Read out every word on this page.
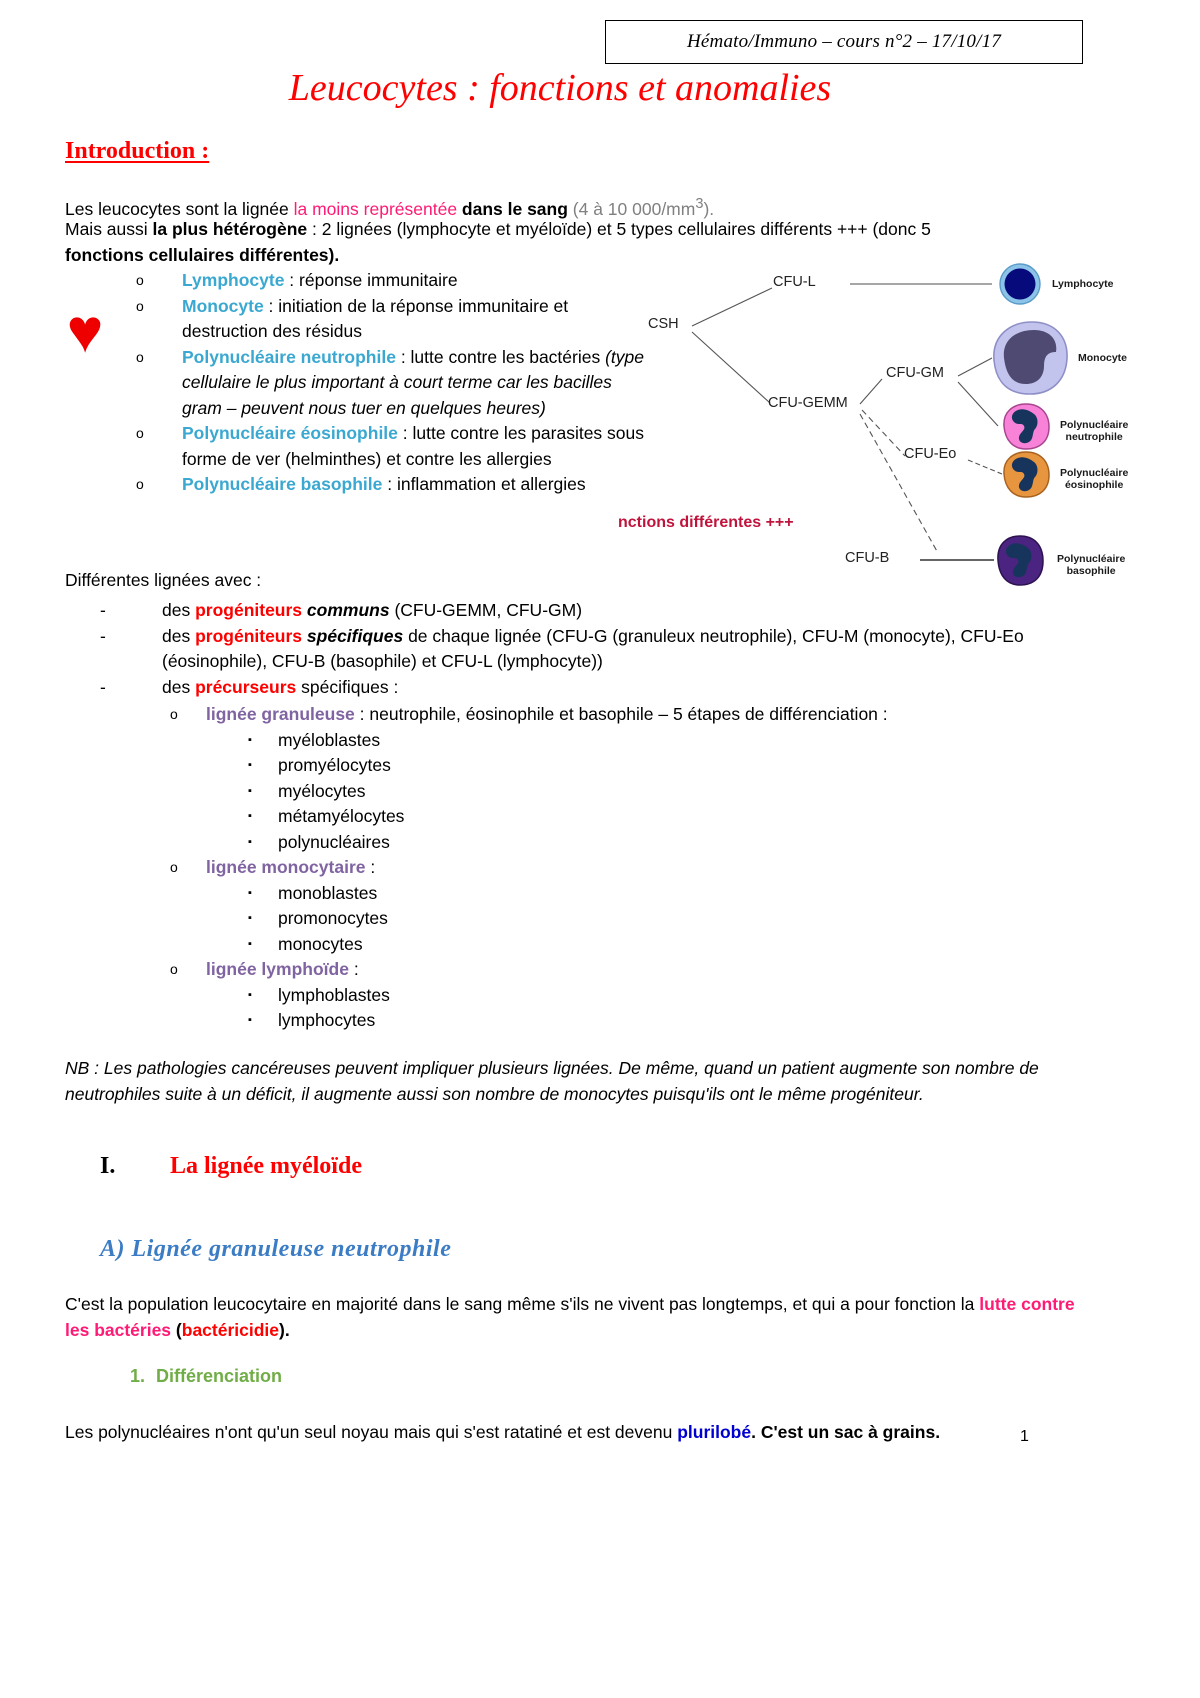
Hémato/Immuno – cours n°2 – 17/10/17
Leucocytes : fonctions et anomalies
Introduction :
Les leucocytes sont la lignée la moins représentée dans le sang (4 à 10 $000/mm^3$).
Mais aussi la plus hétérogène : 2 lignées (lymphocyte et myéloïde) et 5 types cellulaires différents +++ (donc 5 fonctions cellulaires différentes).
♥
o Lymphocyte : réponse immunitaire
o Monocyte : initiation de la réponse immunitaire et destruction des résidus
o Polynucléaire neutrophile : lutte contre les bactéries (type cellulaire le plus important à court terme car les bacilles gram – peuvent nous tuer en quelques heures)
o Polynucléaire éosinophile : lutte contre les parasites sous forme de ver (helminthes) et contre les allergies
o Polynucléaire basophile : inflammation et allergies
CSH
CFU-L
CFU-GEMM
CFU-GM
CFU-Eo
CFU-B
Lymphocyte
Monocyte
Polynucléaire
neutrophile
Polynucléaire
éosinophile
Polynucléaire
basophile
nctions différentes +++
Différentes lignées avec :
-	des progéniteurs communs (CFU-GEMM, CFU-GM)
-	des progéniteurs spécifiques de chaque lignée (CFU-G (granuleux neutrophile), CFU-M (monocyte), CFU-Eo (éosinophile), CFU-B (basophile) et CFU-L (lymphocyte))
-	des précurseurs spécifiques :
o lignée granuleuse : neutrophile, éosinophile et basophile – 5 étapes de différenciation :
▪ myéloblastes
▪ promyélocytes
▪ myélocytes
▪ métamyélocytes
▪ polynucléaires
o lignée monocytaire :
▪ monoblastes
▪ promonocytes
▪ monocytes
o lignée lymphoïde :
▪ lymphoblastes
▪ lymphocytes
NB : Les pathologies cancéreuses peuvent impliquer plusieurs lignées. De même, quand un patient augmente son nombre de neutrophiles suite à un déficit, il augmente aussi son nombre de monocytes puisqu'ils ont le même progéniteur.
I. La lignée myéloïde
A) Lignée granuleuse neutrophile
C'est la population leucocytaire en majorité dans le sang même s'ils ne vivent pas longtemps, et qui a pour fonction la lutte contre les bactéries (bactéricidie).
1. Différenciation
Les polynucléaires n'ont qu'un seul noyau mais qui s'est ratatiné et est devenu plurilobé. C'est un sac à grains.	1
